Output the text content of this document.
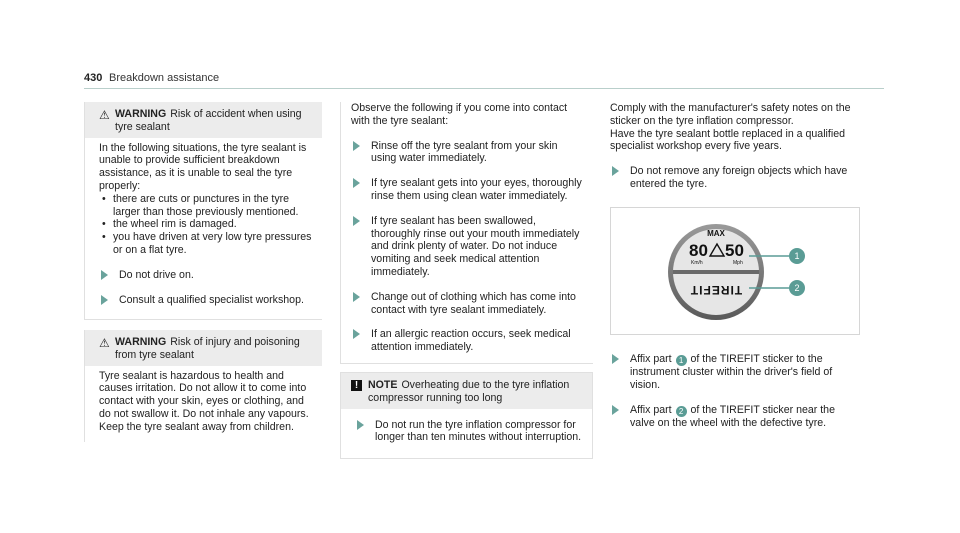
430 Breakdown assistance
⚠ WARNING Risk of accident when using tyre sealant
In the following situations, the tyre sealant is unable to provide sufficient breakdown assistance, as it is unable to seal the tyre properly:
• there are cuts or punctures in the tyre larger than those previously mentioned.
• the wheel rim is damaged.
• you have driven at very low tyre pressures or on a flat tyre.
Do not drive on.
Consult a qualified specialist workshop.
⚠ WARNING Risk of injury and poisoning from tyre sealant
Tyre sealant is hazardous to health and causes irritation. Do not allow it to come into contact with your skin, eyes or clothing, and do not swallow it. Do not inhale any vapours. Keep the tyre sealant away from children.
Observe the following if you come into contact with the tyre sealant:
Rinse off the tyre sealant from your skin using water immediately.
If tyre sealant gets into your eyes, thoroughly rinse them using clean water immediately.
If tyre sealant has been swallowed, thoroughly rinse out your mouth immediately and drink plenty of water. Do not induce vomiting and seek medical attention immediately.
Change out of clothing which has come into contact with tyre sealant immediately.
If an allergic reaction occurs, seek medical attention immediately.
! NOTE Overheating due to the tyre inflation compressor running too long
Do not run the tyre inflation compressor for longer than ten minutes without interruption.
Comply with the manufacturer's safety notes on the sticker on the tyre inflation compressor.
Have the tyre sealant bottle replaced in a qualified specialist workshop every five years.
Do not remove any foreign objects which have entered the tyre.
MAX
80 50
Km/h	Mph
TIREFIT
1
2
Affix part 1 of the TIREFIT sticker to the instrument cluster within the driver's field of vision.
Affix part 2 of the TIREFIT sticker near the valve on the wheel with the defective tyre.
